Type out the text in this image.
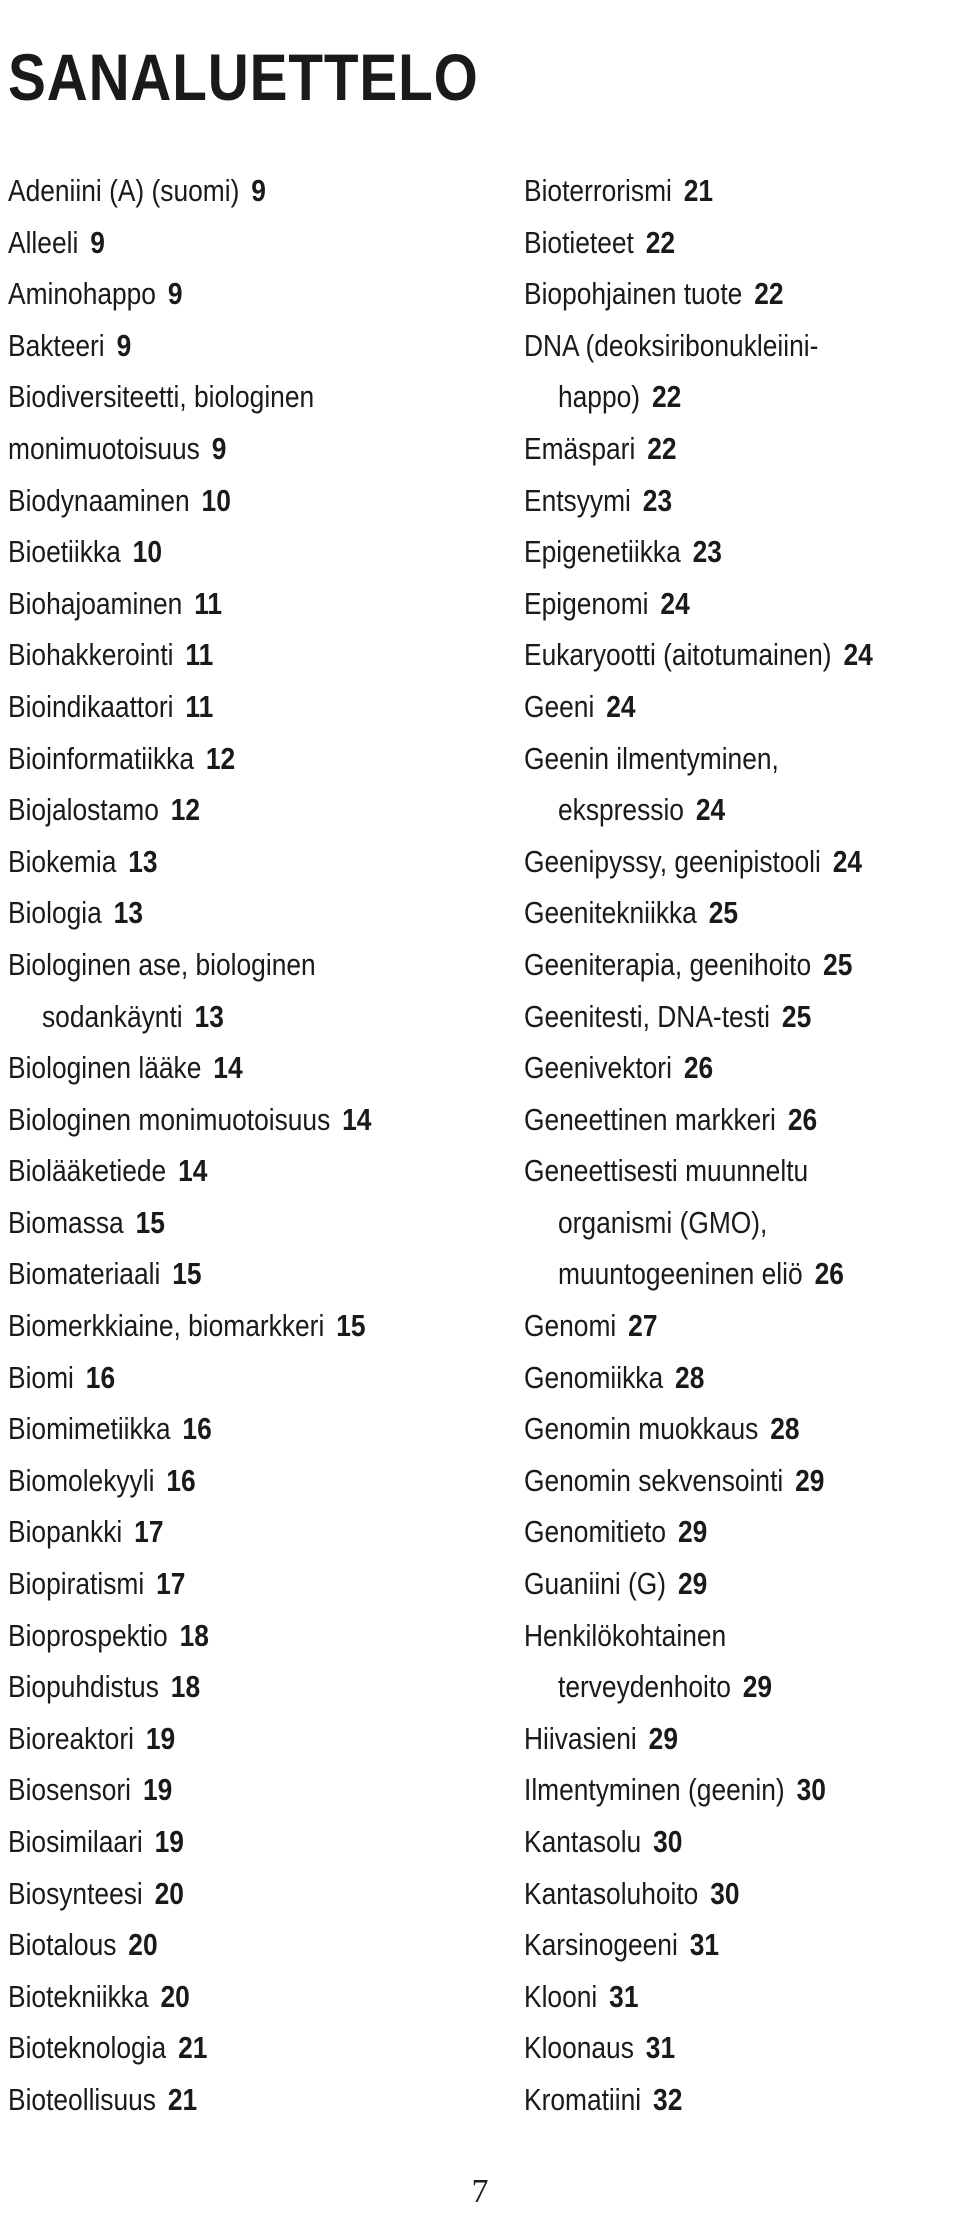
SANALUETTELO
Adeniini (A) (suomi) 9
Alleeli 9
Aminohappo 9
Bakteeri 9
Biodiversiteetti, biologinen
monimuotoisuus 9
Biodynaaminen 10
Bioetiikka 10
Biohajoaminen 11
Biohakkerointi 11
Bioindikaattori 11
Bioinformatiikka 12
Biojalostamo 12
Biokemia 13
Biologia 13
Biologinen ase, biologinen
sodankäynti 13
Biologinen lääke 14
Biologinen monimuotoisuus 14
Biolääketiede 14
Biomassa 15
Biomateriaali 15
Biomerkkiaine, biomarkkeri 15
Biomi 16
Biomimetiikka 16
Biomolekyyli 16
Biopankki 17
Biopiratismi 17
Bioprospektio 18
Biopuhdistus 18
Bioreaktori 19
Biosensori 19
Biosimilaari 19
Biosynteesi 20
Biotalous 20
Biotekniikka 20
Bioteknologia 21
Bioteollisuus 21
Bioterrorismi 21
Biotieteet 22
Biopohjainen tuote 22
DNA (deoksiribonukleiini-
happo) 22
Emäspari 22
Entsyymi 23
Epigenetiikka 23
Epigenomi 24
Eukaryootti (aitotumainen) 24
Geeni 24
Geenin ilmentyminen,
ekspressio 24
Geenipyssy, geenipistooli 24
Geenitekniikka 25
Geeniterapia, geenihoito 25
Geenitesti, DNA-testi 25
Geenivektori 26
Geneettinen markkeri 26
Geneettisesti muunneltu
organismi (GMO),
muuntogeeninen eliö 26
Genomi 27
Genomiikka 28
Genomin muokkaus 28
Genomin sekvensointi 29
Genomitieto 29
Guaniini (G) 29
Henkilökohtainen
terveydenhoito 29
Hiivasieni 29
Ilmentyminen (geenin) 30
Kantasolu 30
Kantasoluhoito 30
Karsinogeeni 31
Klooni 31
Kloonaus 31
Kromatiini 32
7
